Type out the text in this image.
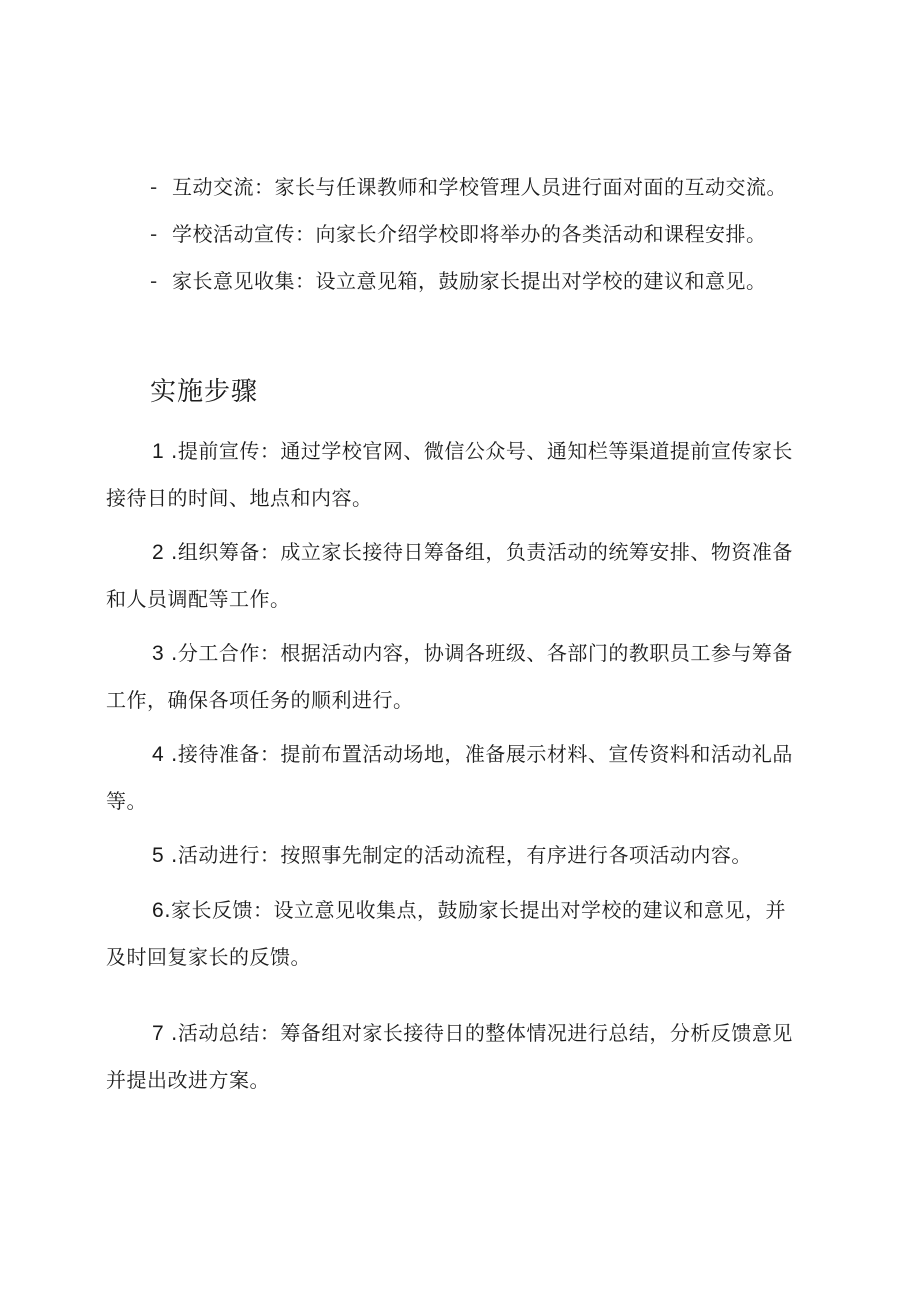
- 互动交流：家长与任课教师和学校管理人员进行面对面的互动交流。
- 学校活动宣传：向家长介绍学校即将举办的各类活动和课程安排。
- 家长意见收集：设立意见箱，鼓励家长提出对学校的建议和意见。
实施步骤

1 .提前宣传：通过学校官网、微信公众号、通知栏等渠道提前宣传家长接待日的时间、地点和内容。

2 .组织筹备：成立家长接待日筹备组，负责活动的统筹安排、物资准备和人员调配等工作。

3 .分工合作：根据活动内容，协调各班级、各部门的教职员工参与筹备工作，确保各项任务的顺利进行。

4 .接待准备：提前布置活动场地，准备展示材料、宣传资料和活动礼品等。

5 .活动进行：按照事先制定的活动流程，有序进行各项活动内容。

6.家长反馈：设立意见收集点，鼓励家长提出对学校的建议和意见，并及时回复家长的反馈。

7 .活动总结：筹备组对家长接待日的整体情况进行总结，分析反馈意见并提出改进方案。
